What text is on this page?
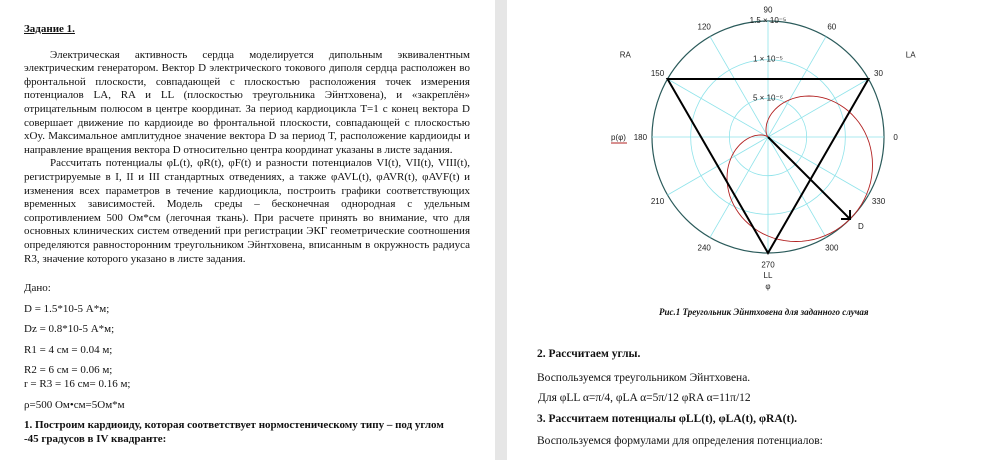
Задание 1.
Электрическая активность сердца моделируется дипольным эквивалентным электрическим генератором. Вектор D электрического токового диполя сердца расположен во фронтальной плоскости, совпадающей с плоскостью расположения точек измерения потенциалов LA, RA и LL (плоскостью треугольника Эйнтховена), и «закреплён» отрицательным полюсом в центре координат. За период кардиоцикла T=1 с конец вектора D совершает движение по кардиоиде во фронтальной плоскости, совпадающей с плоскостью xOy. Максимальное амплитудное значение вектора D за период T, расположение кардиоиды и направление вращения вектора D относительно центра координат указаны в листе задания.
Рассчитать потенциалы φL(t), φR(t), φF(t) и разности потенциалов VI(t), VII(t), VIII(t), регистрируемые в I, II и III стандартных отведениях, а также φAVL(t), φAVR(t), φAVF(t) и изменения всех параметров в течение кардиоцикла, построить графики соответствующих временных зависимостей. Модель среды – бесконечная однородная с удельным сопротивлением 500 Ом*см (легочная ткань). При расчете принять во внимание, что для основных клинических систем отведений при регистрации ЭКГ геометрические соотношения определяются равносторонним треугольником Эйнтховена, вписанным в окружность радиуса R3, значение которого указано в листе задания.
Дано:
D = 1.5*10-5 А*м;
Dz = 0.8*10-5 А*м;
R1 = 4 см = 0.04 м;
R2 = 6 см = 0.06 м;
r = R3 = 16 см= 0.16 м;
ρ=500 Ом•см=5Ом*м
1. Построим кардиоиду, которая соответствует нормостеническому типу – под углом -45 градусов в IV квадранте:
0
30
60
90
120
150
180
210
240
270
300
330
5 × 10⁻⁶
1 × 10⁻⁵
1.5 × 10⁻⁵
LA
RA
LL
D
p(φ)
φ
Рис.1 Треугольник Эйнтховена для заданного случая
2. Рассчитаем углы.
Воспользуемся треугольником Эйнтховена.
Для φLL α=π/4, φLA α=5π/12 φRA α=11π/12
3. Рассчитаем потенциалы φLL(t), φLA(t), φRA(t).
Воспользуемся формулами для определения потенциалов:
